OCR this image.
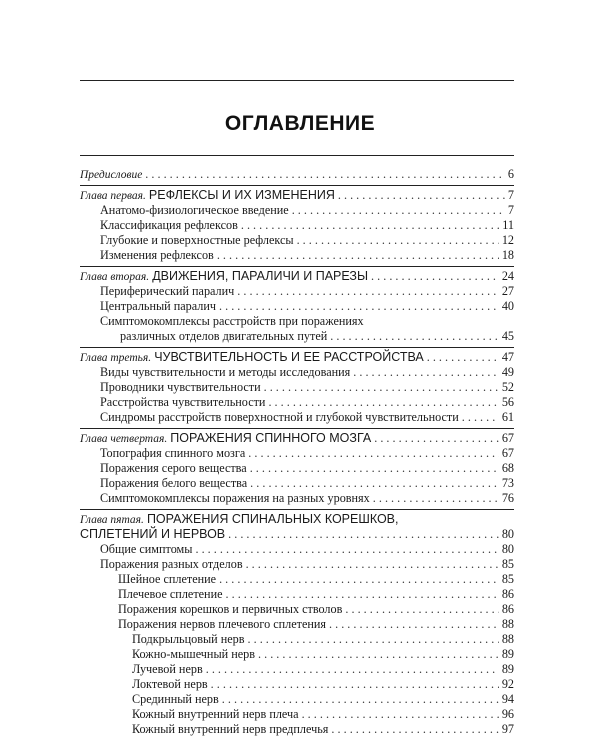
ОГЛАВЛЕНИЕ
Предисловие . . .	6
Глава первая. РЕФЛЕКСЫ И ИХ ИЗМЕНЕНИЯ . . .	7
Анатомо-физиологическое введение . . .	7
Классификация рефлексов . . .	11
Глубокие и поверхностные рефлексы . . .	12
Изменения рефлексов . . .	18
Глава вторая. ДВИЖЕНИЯ, ПАРАЛИЧИ И ПАРЕЗЫ . . .	24
Периферический паралич . . .	27
Центральный паралич . . .	40
Симптомокомплексы расстройств при поражениях
различных отделов двигательных путей . . .	45
Глава третья. ЧУВСТВИТЕЛЬНОСТЬ И ЕЕ РАССТРОЙСТВА . . .	47
Виды чувствительности и методы исследования . . .	49
Проводники чувствительности . . .	52
Расстройства чувствительности . . .	56
Синдромы расстройств поверхностной и глубокой чувствительности . . .	61
Глава четвертая. ПОРАЖЕНИЯ СПИННОГО МОЗГА . . .	67
Топография спинного мозга . . .	67
Поражения серого вещества . . .	68
Поражения белого вещества . . .	73
Симптомокомплексы поражения на разных уровнях . . .	76
Глава пятая. ПОРАЖЕНИЯ СПИНАЛЬНЫХ КОРЕШКОВ,
СПЛЕТЕНИЙ И НЕРВОВ . . .	80
Общие симптомы . . .	80
Поражения разных отделов . . .	85
Шейное сплетение . . .	85
Плечевое сплетение . . .	86
Поражения корешков и первичных стволов . . .	86
Поражения нервов плечевого сплетения . . .	88
Подкрыльцовый нерв . . .	88
Кожно-мышечный нерв . . .	89
Лучевой нерв . . .	89
Локтевой нерв . . .	92
Срединный нерв . . .	94
Кожный внутренний нерв плеча . . .	96
Кожный внутренний нерв предплечья . . .	97
